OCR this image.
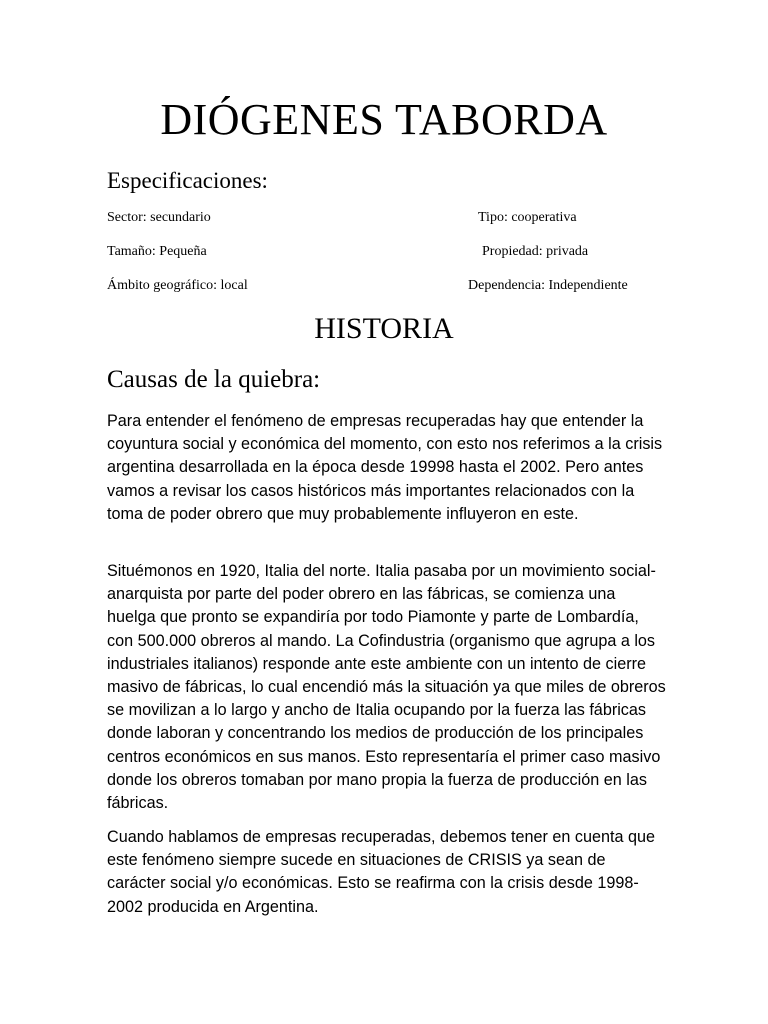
DIÓGENES TABORDA
Especificaciones:
Sector: secundario	Tipo: cooperativa
Tamaño: Pequeña	Propiedad: privada
Ámbito geográfico: local	Dependencia: Independiente
HISTORIA
Causas de la quiebra:

Para entender el fenómeno de empresas recuperadas hay que entender la coyuntura social y económica del momento, con esto nos referimos a la crisis argentina desarrollada en la época desde 19998 hasta el 2002. Pero antes vamos a revisar los casos históricos más importantes relacionados con la toma de poder obrero que muy probablemente influyeron en este.

Situémonos en 1920, Italia del norte. Italia pasaba por un movimiento social-anarquista por parte del poder obrero en las fábricas, se comienza una huelga que pronto se expandiría por todo Piamonte y parte de Lombardía, con 500.000 obreros al mando. La Cofindustria (organismo que agrupa a los industriales italianos) responde ante este ambiente con un intento de cierre masivo de fábricas, lo cual encendió más la situación ya que miles de obreros se movilizan a lo largo y ancho de Italia ocupando por la fuerza las fábricas donde laboran y concentrando los medios de producción de los principales centros económicos en sus manos. Esto representaría el primer caso masivo donde los obreros tomaban por mano propia la fuerza de producción en las fábricas.

Cuando hablamos de empresas recuperadas, debemos tener en cuenta que este fenómeno siempre sucede en situaciones de CRISIS ya sean de carácter social y/o económicas. Esto se reafirma con la crisis desde 1998-2002 producida en Argentina.
